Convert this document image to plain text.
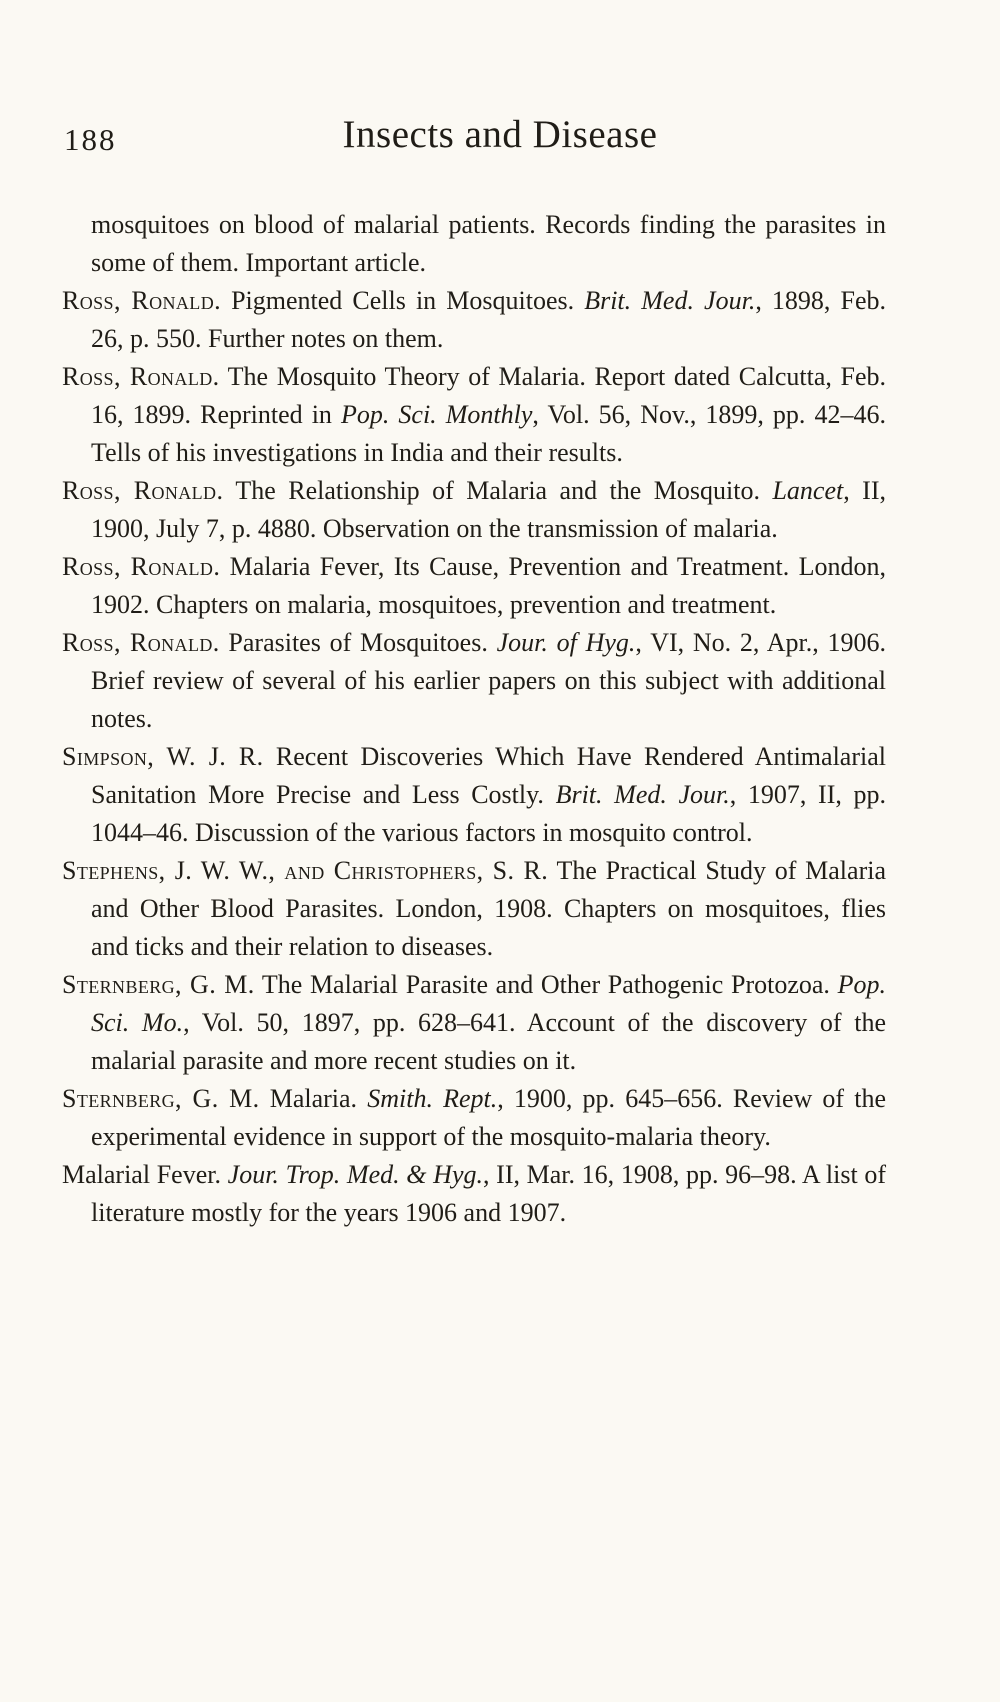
188	Insects and Disease

mosquitoes on blood of malarial patients. Records finding the parasites in some of them. Important article.

Ross, Ronald. Pigmented Cells in Mosquitoes. Brit. Med. Jour., 1898, Feb. 26, p. 550. Further notes on them.

Ross, Ronald. The Mosquito Theory of Malaria. Report dated Calcutta, Feb. 16, 1899. Reprinted in Pop. Sci. Monthly, Vol. 56, Nov., 1899, pp. 42–46. Tells of his investigations in India and their results.

Ross, Ronald. The Relationship of Malaria and the Mosquito. Lancet, II, 1900, July 7, p. 4880. Observation on the transmission of malaria.

Ross, Ronald. Malaria Fever, Its Cause, Prevention and Treatment. London, 1902. Chapters on malaria, mosquitoes, prevention and treatment.

Ross, Ronald. Parasites of Mosquitoes. Jour. of Hyg., VI, No. 2, Apr., 1906. Brief review of several of his earlier papers on this subject with additional notes.

Simpson, W. J. R. Recent Discoveries Which Have Rendered Antimalarial Sanitation More Precise and Less Costly. Brit. Med. Jour., 1907, II, pp. 1044–46. Discussion of the various factors in mosquito control.

Stephens, J. W. W., and Christophers, S. R. The Practical Study of Malaria and Other Blood Parasites. London, 1908. Chapters on mosquitoes, flies and ticks and their relation to diseases.

Sternberg, G. M. The Malarial Parasite and Other Pathogenic Protozoa. Pop. Sci. Mo., Vol. 50, 1897, pp. 628–641. Account of the discovery of the malarial parasite and more recent studies on it.

Sternberg, G. M. Malaria. Smith. Rept., 1900, pp. 645–656. Review of the experimental evidence in support of the mosquito-malaria theory.

Malarial Fever. Jour. Trop. Med. & Hyg., II, Mar. 16, 1908, pp. 96–98. A list of literature mostly for the years 1906 and 1907.
